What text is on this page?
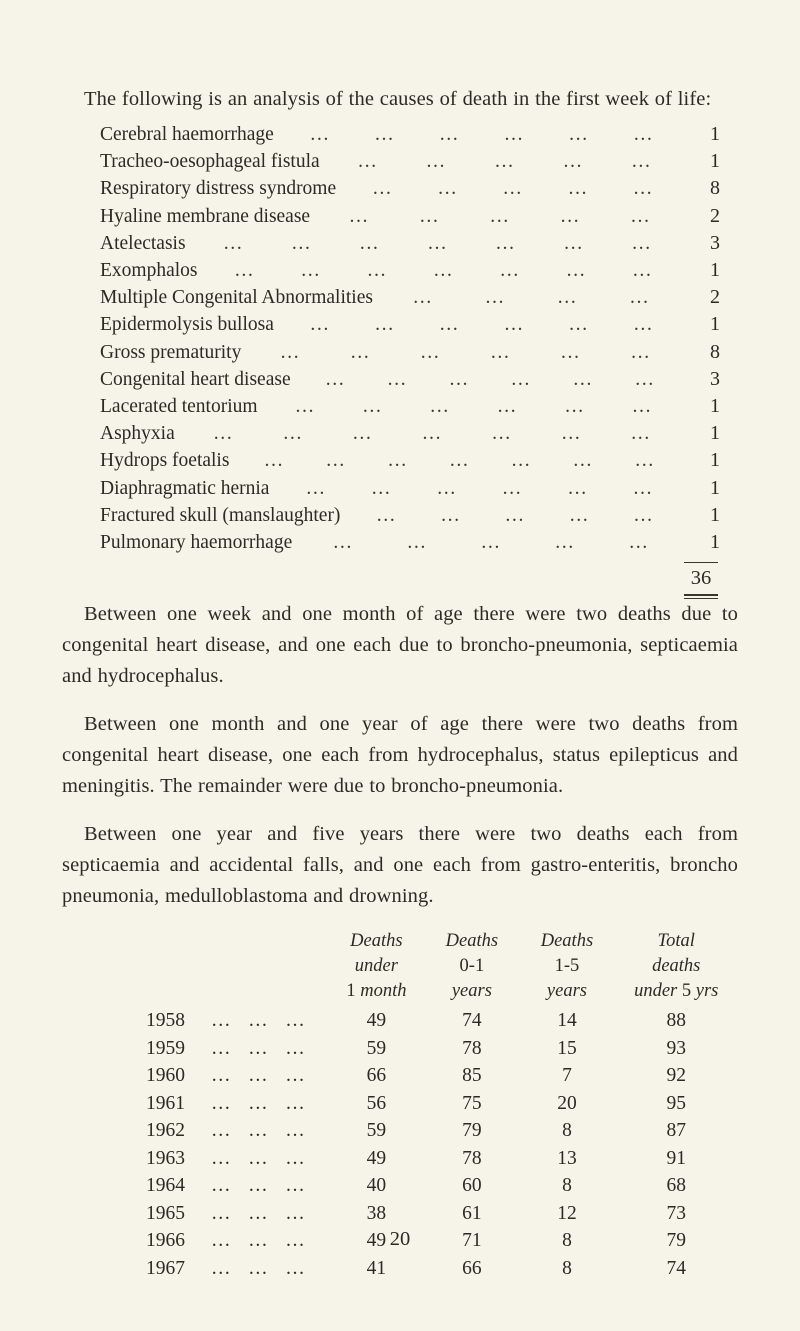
The following is an analysis of the causes of death in the first week of life:

Cerebral haemorrhage … … … … … …	1
Tracheo-oesophageal fistula … … … … …	1
Respiratory distress syndrome … … … … …	8
Hyaline membrane disease …	…	…	…	…	2
Atelectasis … … … … … … …	3
Exomphalos … … … … … … …	1
Multiple Congenital Abnormalities …	…	…	…	2
Epidermolysis bullosa … … … … … …	1
Gross prematurity …	…	…	…	…	…	8
Congenital heart disease … … … … … …	3
Lacerated tentorium … … … … … …	1
Asphyxia … … … … … … …	1
Hydrops foetalis … … … … … … …	1
Diaphragmatic hernia … … … … … …	1
Fractured skull (manslaughter) … … … … …	1
Pulmonary haemorrhage …	…	…	…	…	1
36

Between one week and one month of age there were two deaths due to congenital heart disease, and one each due to broncho-pneumonia, septicaemia and hydrocephalus.

Between one month and one year of age there were two deaths from congenital heart disease, one each from hydrocephalus, status epilepticus and meningitis. The remainder were due to broncho-pneumonia.

Between one year and five years there were two deaths each from septicaemia and accidental falls, and one each from gastro-enteritis, broncho pneumonia, medulloblastoma and drowning.

	Deaths
under
1 month	Deaths
0-1
years	Deaths
1-5
years	Total
deaths
under 5 yrs

1958 … … …	49	74	14	88

1959 … … …	59	78	15	93

1960 … … …	66	85	7	92

1961 … … …	56	75	20	95

1962 … … …	59	79	8	87

1963 … … …	49	78	13	91

1964 … … …	40	60	8	68

1965 … … …	38	61	12	73

1966 … … …	49	71	8	79

1967 … … …	41	66	8	74
20
